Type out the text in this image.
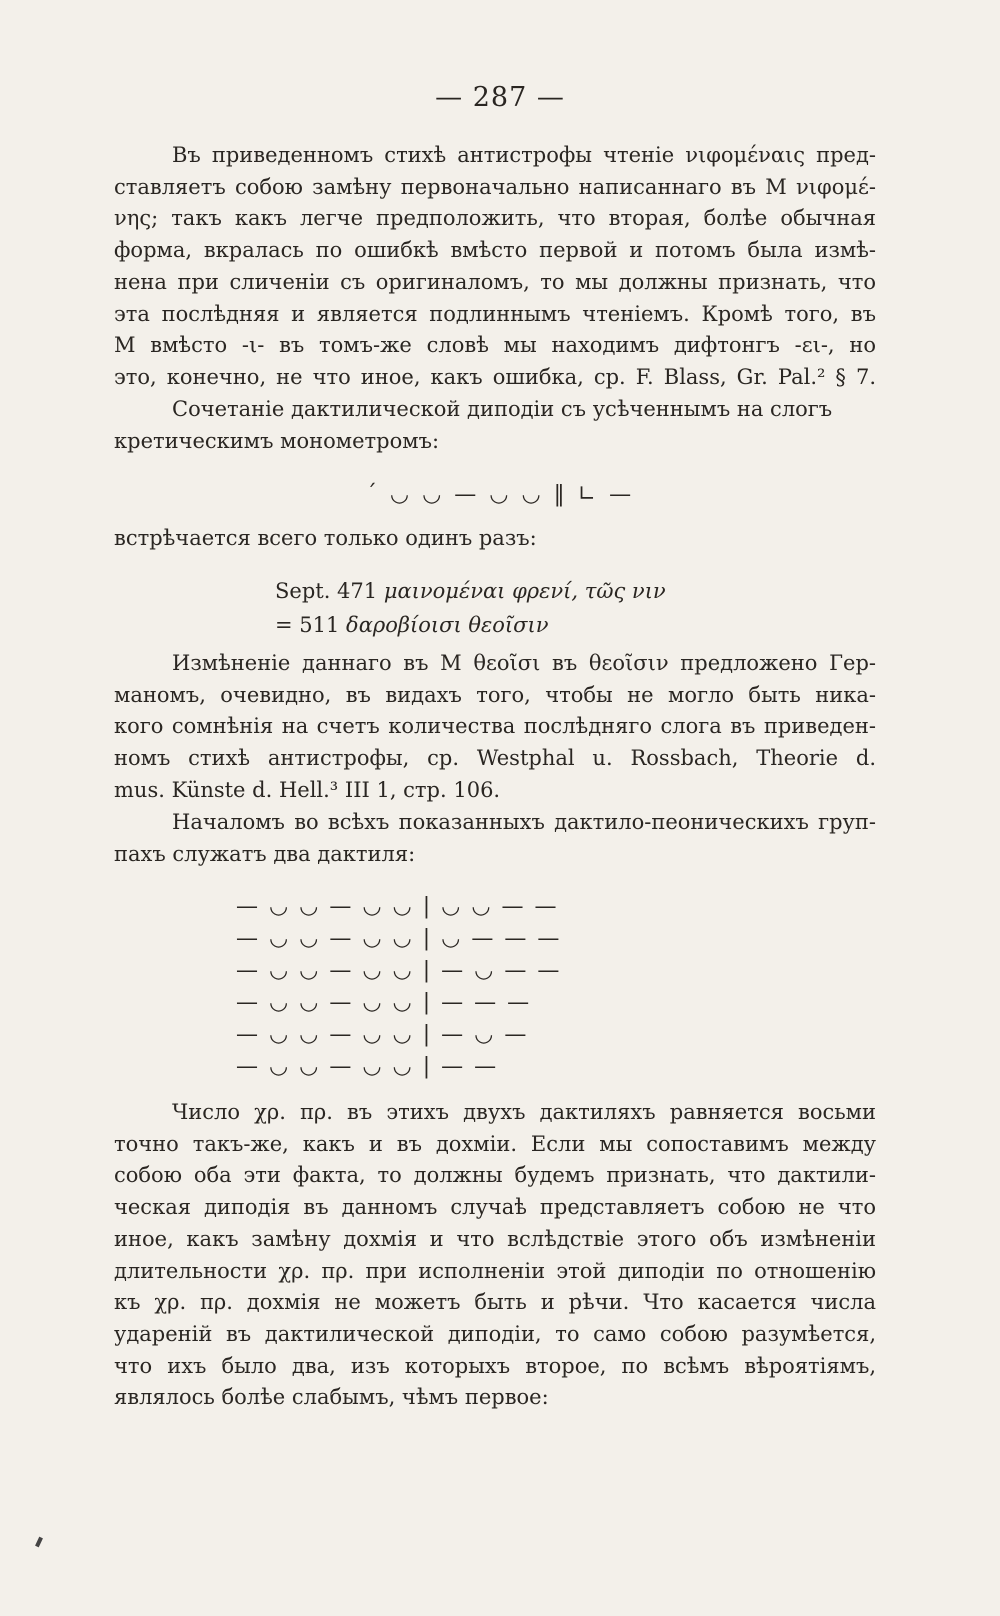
— 287 —
Въ приведенномъ стихѣ антистрофы чтеніе νιφομέναις пред-
ставляетъ собою замѣну первоначально написаннаго въ М νιφομέ-
νης; такъ какъ легче предположить, что вторая, болѣе обычная
форма, вкралась по ошибкѣ вмѣсто первой и потомъ была измѣ-
нена при сличеніи съ оригиналомъ, то мы должны признать, что
эта послѣдняя и является подлиннымъ чтеніемъ. Кромѣ того, въ
М вмѣсто -ι- въ томъ-же словѣ мы находимъ дифтонгъ -ει-, но
это, конечно, не что иное, какъ ошибка, ср. F. Blass, Gr. Pal.² § 7.
Сочетаніе дактилической диподіи съ усѣченнымъ на слогъ
кретическимъ монометромъ:
´ ◡ ◡ — ◡ ◡ ‖ ∟ —
встрѣчается всего только одинъ разъ:
Sept. 471 μαινομέναι φρενί, τῶς νιν
= 511 δαροβίοισι θεοῖσιν
Измѣненіе даннаго въ М θεοῖσι въ θεοῖσιν предложено Гер-
маномъ, очевидно, въ видахъ того, чтобы не могло быть ника-
кого сомнѣнія на счетъ количества послѣдняго слога въ приведен-
номъ стихѣ антистрофы, ср. Westphal u. Rossbach, Theorie d.
mus. Künste d. Hell.³ III 1, стр. 106.
Началомъ во всѣхъ показанныхъ дактило-пеоническихъ груп-
пахъ служатъ два дактиля:
— ◡ ◡ — ◡ ◡ | ◡ ◡ — —
— ◡ ◡ — ◡ ◡ | ◡ — — —
— ◡ ◡ — ◡ ◡ | — ◡ — —
— ◡ ◡ — ◡ ◡ | — — —
— ◡ ◡ — ◡ ◡ | — ◡ —
— ◡ ◡ — ◡ ◡ | — —
Число χρ. πρ. въ этихъ двухъ дактиляхъ равняется восьми
точно такъ-же, какъ и въ дохміи. Если мы сопоставимъ между
собою оба эти факта, то должны будемъ признать, что дактили-
ческая диподія въ данномъ случаѣ представляетъ собою не что
иное, какъ замѣну дохмія и что вслѣдствіе этого объ измѣненіи
длительности χρ. πρ. при исполненіи этой диподіи по отношенію
къ χρ. πρ. дохмія не можетъ быть и рѣчи. Что касается числа
удареній въ дактилической диподіи, то само собою разумѣется,
что ихъ было два, изъ которыхъ второе, по всѣмъ вѣроятіямъ,
являлось болѣе слабымъ, чѣмъ первое:
